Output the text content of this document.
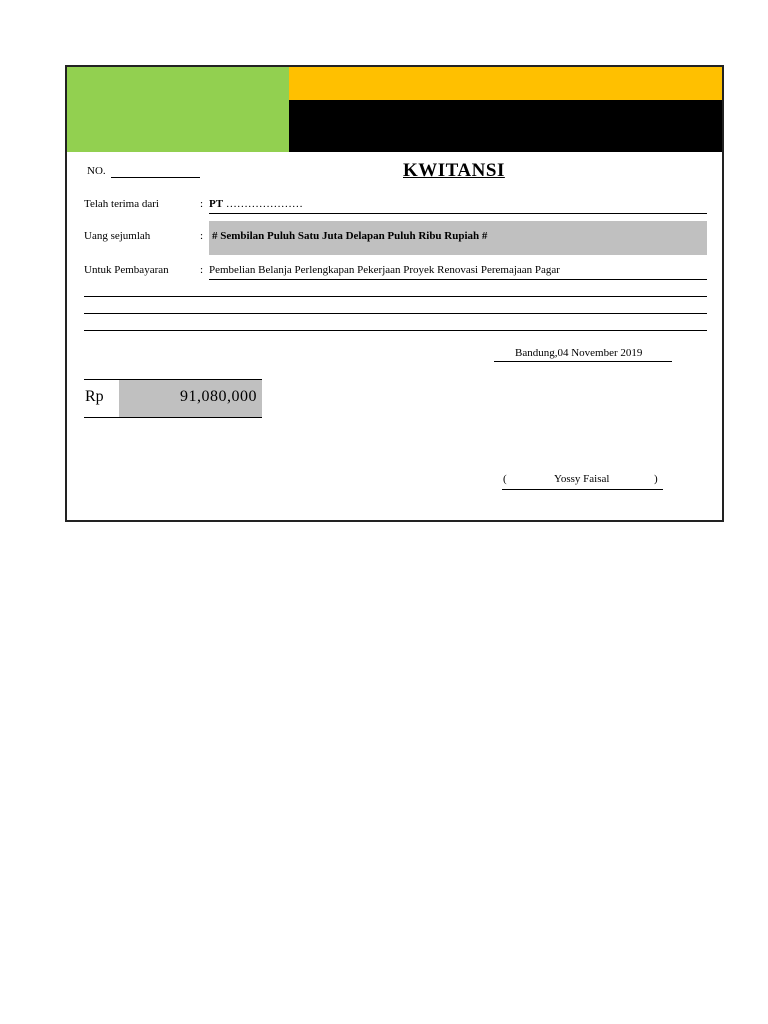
NO.	KWITANSI
Telah terima dari	: PT …………………
Uang sejumlah	: # Sembilan Puluh Satu Juta Delapan Puluh Ribu Rupiah #
Untuk Pembayaran	: Pembelian Belanja Perlengkapan Pekerjaan Proyek Renovasi Peremajaan Pagar
Bandung,04 November 2019
Rp	91,080,000
(	Yossy Faisal	)
